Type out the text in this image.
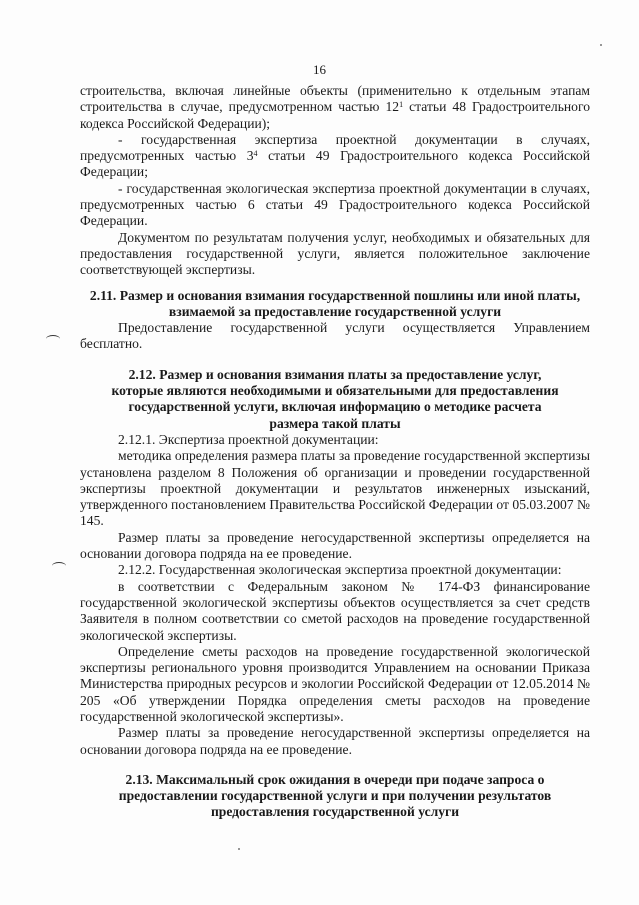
16

строительства, включая линейные объекты (применительно к отдельным этапам строительства в случае, предусмотренном частью $12^1$ статьи 48 Градостроительного кодекса Российской Федерации);

- государственная экспертиза проектной документации в случаях, предусмотренных частью $3^4$ статьи 49 Градостроительного кодекса Российской Федерации;

- государственная экологическая экспертиза проектной документации в случаях, предусмотренных частью 6 статьи 49 Градостроительного кодекса Российской Федерации.

Документом по результатам получения услуг, необходимых и обязательных для предоставления государственной услуги, является положительное заключение соответствующей экспертизы.

2.11. Размер и основания взимания государственной пошлины или иной платы, взимаемой за предоставление государственной услуги

Предоставление государственной услуги осуществляется Управлением бесплатно.

2.12. Размер и основания взимания платы за предоставление услуг, которые являются необходимыми и обязательными для предоставления государственной услуги, включая информацию о методике расчета размера такой платы

2.12.1. Экспертиза проектной документации:

методика определения размера платы за проведение государственной экспертизы установлена разделом 8 Положения об организации и проведении государственной экспертизы проектной документации и результатов инженерных изысканий, утвержденного постановлением Правительства Российской Федерации от 05.03.2007 № 145.

Размер платы за проведение негосударственной экспертизы определяется на основании договора подряда на ее проведение.

2.12.2. Государственная экологическая экспертиза проектной документации:

в соответствии с Федеральным законом № 174-ФЗ финансирование государственной экологической экспертизы объектов осуществляется за счет средств Заявителя в полном соответствии со сметой расходов на проведение государственной экологической экспертизы.

Определение сметы расходов на проведение государственной экологической экспертизы регионального уровня производится Управлением на основании Приказа Министерства природных ресурсов и экологии Российской Федерации от 12.05.2014 № 205 «Об утверждении Порядка определения сметы расходов на проведение государственной экологической экспертизы».

Размер платы за проведение негосударственной экспертизы определяется на основании договора подряда на ее проведение.

2.13. Максимальный срок ожидания в очереди при подаче запроса о предоставлении государственной услуги и при получении результатов предоставления государственной услуги
